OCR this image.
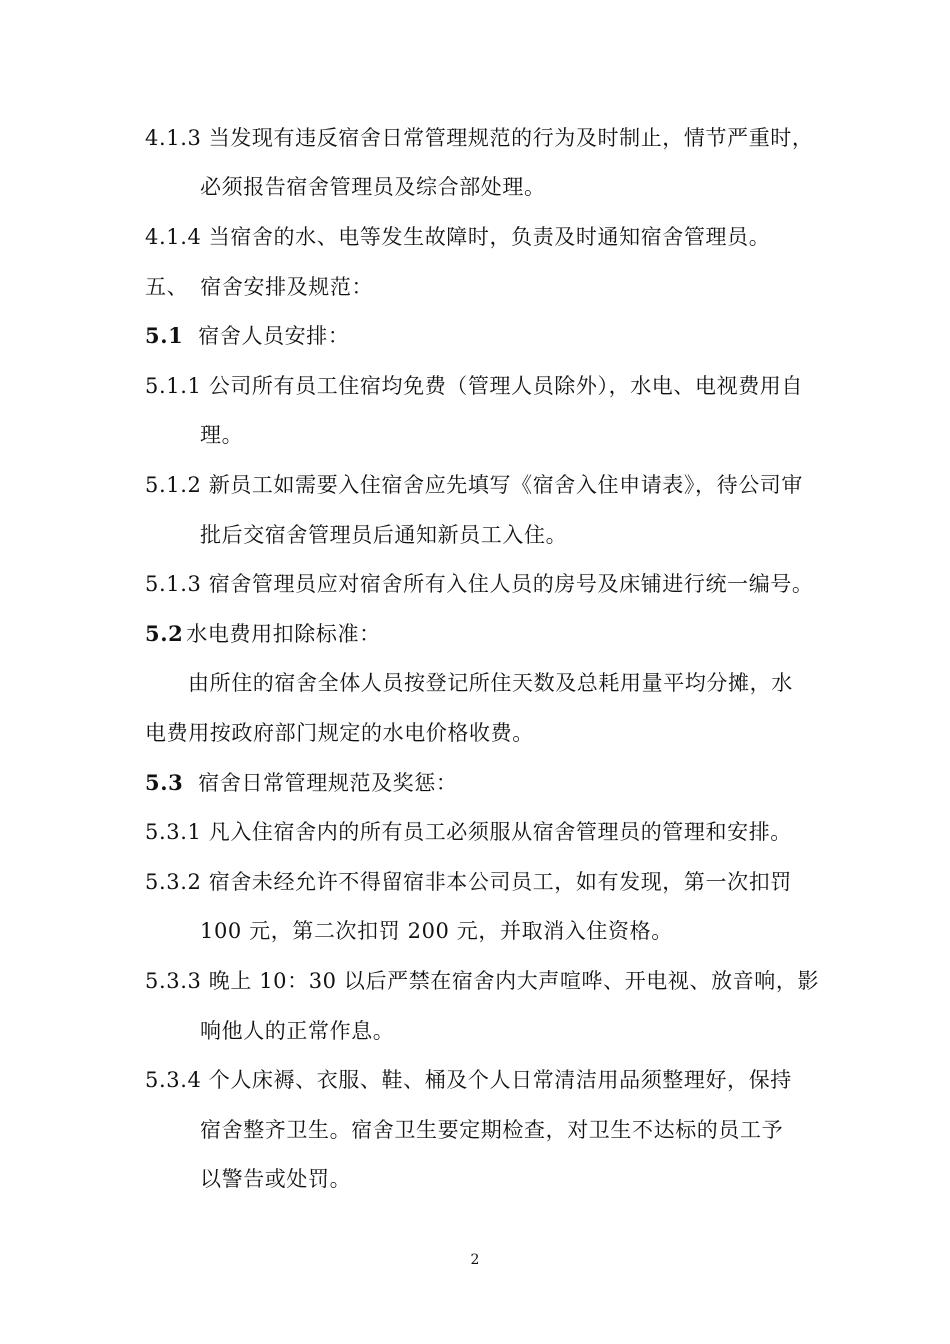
4.1.3 当发现有违反宿舍日常管理规范的行为及时制止，情节严重时，
必须报告宿舍管理员及综合部处理。
4.1.4 当宿舍的水、电等发生故障时，负责及时通知宿舍管理员。
五、 宿舍安排及规范：
5.1 宿舍人员安排：
5.1.1 公司所有员工住宿均免费（管理人员除外），水电、电视费用自
理。
5.1.2 新员工如需要入住宿舍应先填写《宿舍入住申请表》，待公司审
批后交宿舍管理员后通知新员工入住。
5.1.3 宿舍管理员应对宿舍所有入住人员的房号及床铺进行统一编号。
5.2 水电费用扣除标准：
由所住的宿舍全体人员按登记所住天数及总耗用量平均分摊，水
电费用按政府部门规定的水电价格收费。
5.3 宿舍日常管理规范及奖惩：
5.3.1 凡入住宿舍内的所有员工必须服从宿舍管理员的管理和安排。
5.3.2 宿舍未经允许不得留宿非本公司员工，如有发现，第一次扣罚
100 元，第二次扣罚 200 元，并取消入住资格。
5.3.3 晚上 10：30 以后严禁在宿舍内大声喧哗、开电视、放音响，影
响他人的正常作息。
5.3.4 个人床褥、衣服、鞋、桶及个人日常清洁用品须整理好，保持
宿舍整齐卫生。宿舍卫生要定期检查，对卫生不达标的员工予
以警告或处罚。
2
